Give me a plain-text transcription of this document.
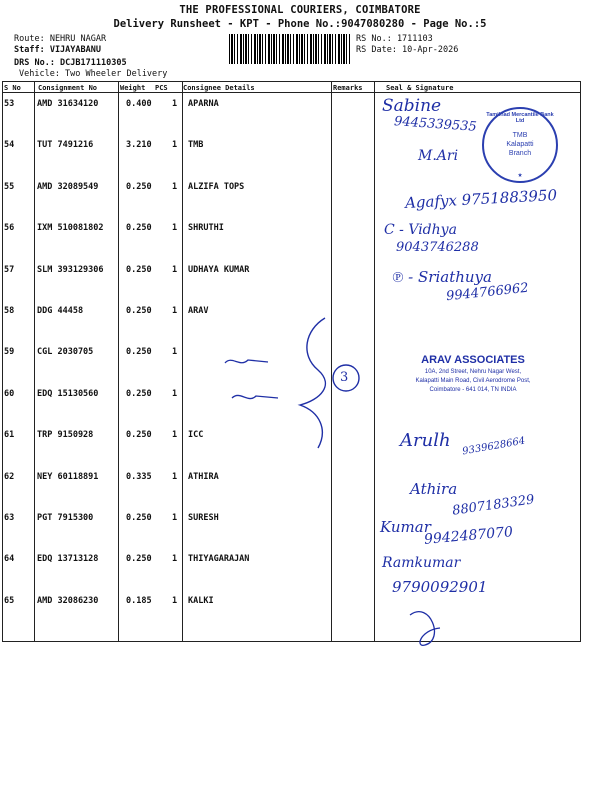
THE PROFESSIONAL COURIERS, COIMBATORE
Delivery Runsheet - KPT - Phone No.:9047080280 - Page No.:5
Route: NEHRU NAGAR
Staff: VIJAYABANU
DRS No.: DCJB171110305
Vehicle: Two Wheeler Delivery
RS No.: 1711103
RS Date: 10-Apr-2026
S No Consignment No	Weight PCS Consignee Details	Remarks	Seal & Signature
53	AMD 31634120	0.400 1 APARNA
54	TUT 7491216	3.210 1 TMB
55	AMD 32089549	0.250 1 ALZIFA TOPS
56	IXM 510081802	0.250 1 SHRUTHI
57	SLM 393129306	0.250 1 UDHAYA KUMAR
58	DDG 44458	0.250 1 ARAV
59	CGL 2030705	0.250 1
60	EDQ 15130560	0.250 1
61	TRP 9150928	0.250 1 ICC
62	NEY 60118891	0.335 1 ATHIRA
63	PGT 7915300	0.250 1 SURESH
64	EDQ 13713128	0.250 1 THIYAGARAJAN
65	AMD 32086230	0.185 1 KALKI
Sabine
9445339535
M.Ari
Agafyx 9751883950
C - Vidhya
9043746288
℗ - Sriathuya
9944766962
3
Arulh 9339628664
Athira
8807183329
Kumar
9942487070
Ramkumar
9790092901
Tamilnad Mercantile Bank Ltd
TMB
Kalapatti
Branch
★
ARAV ASSOCIATES
10A, 2nd Street, Nehru Nagar West,
Kalapatti Main Road, Civil Aerodrome Post,
Coimbatore - 641 014, TN INDIA
